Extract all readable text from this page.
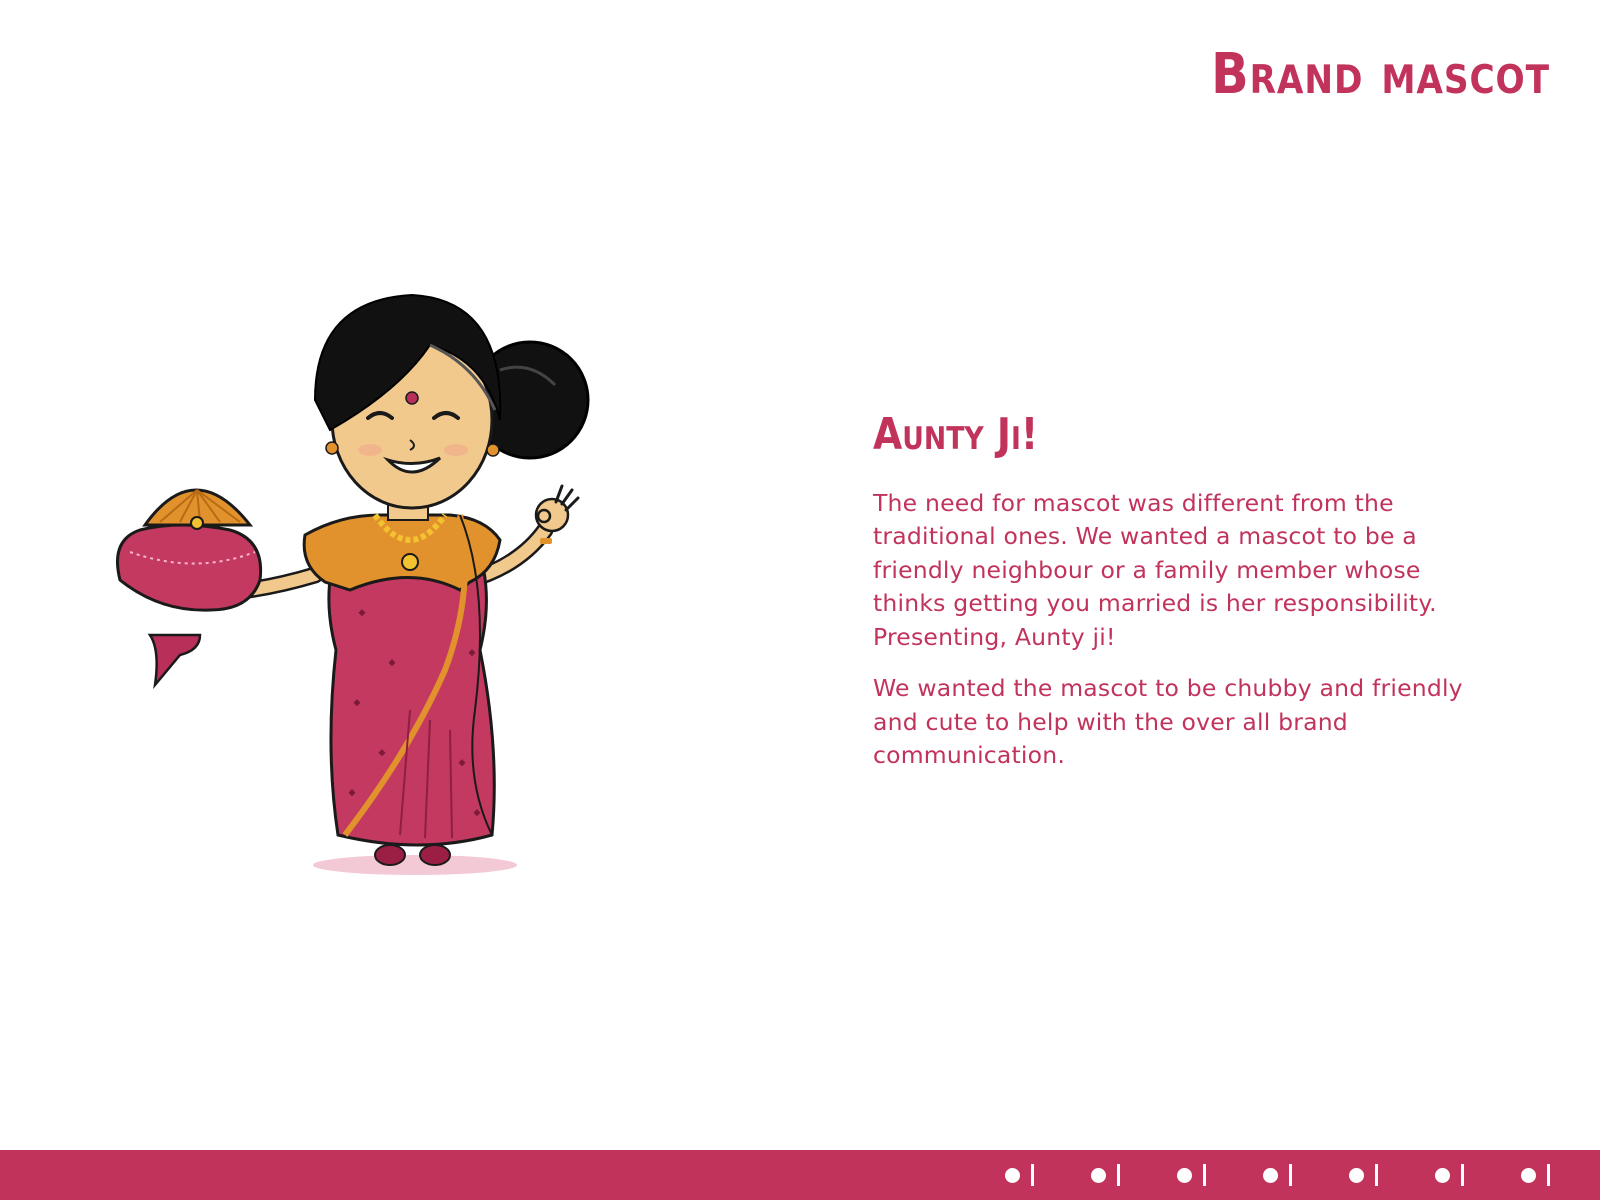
Brand mascot
Aunty Ji!

The need for mascot was different from the traditional ones. We wanted a mascot to be a friendly neighbour or a family member whose thinks getting you married is her responsibility. Presenting, Aunty ji!

We wanted the mascot to be chubby and friendly and cute to help with the over all brand communication.
